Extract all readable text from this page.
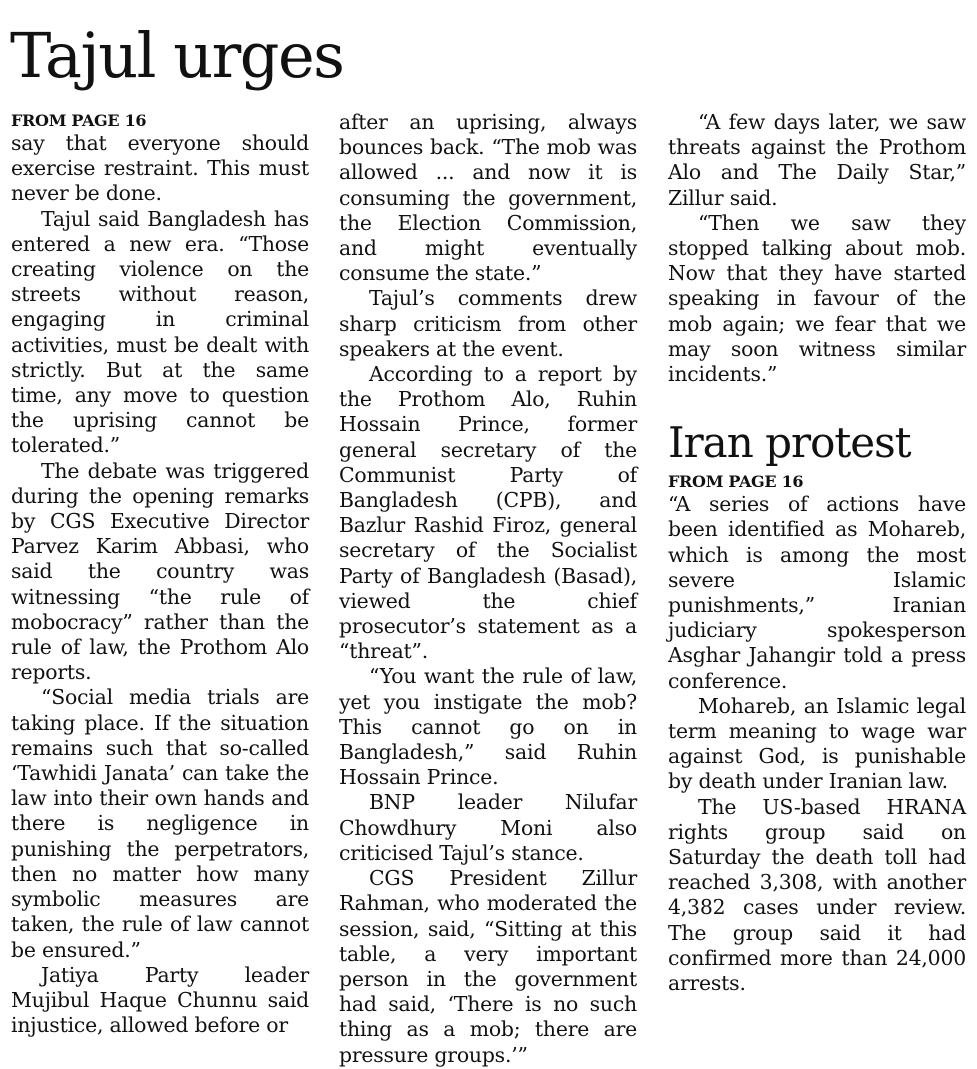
Tajul urges
FROM PAGE 16

say that everyone should exercise restraint. This must never be done.

Tajul said Bangladesh has entered a new era. “Those creating violence on the streets without reason, engaging in criminal activities, must be dealt with strictly. But at the same time, any move to question the uprising cannot be tolerated.”

The debate was triggered during the opening remarks by CGS Executive Director Parvez Karim Abbasi, who said the country was witnessing “the rule of mobocracy” rather than the rule of law, the Prothom Alo reports.

“Social media trials are taking place. If the situation remains such that so-called ‘Tawhidi Janata’ can take the law into their own hands and there is negligence in punishing the perpetrators, then no matter how many symbolic measures are taken, the rule of law cannot be ensured.”

Jatiya Party leader Mujibul Haque Chunnu said injustice, allowed before or

after an uprising, always bounces back. “The mob was allowed ... and now it is consuming the government, the Election Commission, and might eventually consume the state.”

Tajul’s comments drew sharp criticism from other speakers at the event.

According to a report by the Prothom Alo, Ruhin Hossain Prince, former general secretary of the Communist Party of Bangladesh (CPB), and Bazlur Rashid Firoz, general secretary of the Socialist Party of Bangladesh (Basad), viewed the chief prosecutor’s statement as a “threat”.

“You want the rule of law, yet you instigate the mob? This cannot go on in Bangladesh,” said Ruhin Hossain Prince.

BNP leader Nilufar Chowdhury Moni also criticised Tajul’s stance.

CGS President Zillur Rahman, who moderated the session, said, “Sitting at this table, a very important person in the government had said, ‘There is no such thing as a mob; there are pressure groups.’”

“A few days later, we saw threats against the Prothom Alo and The Daily Star,” Zillur said.

“Then we saw they stopped talking about mob. Now that they have started speaking in favour of the mob again; we fear that we may soon witness similar incidents.”

Iran protest
FROM PAGE 16

“A series of actions have been identified as Mohareb, which is among the most severe Islamic punishments,” Iranian judiciary spokesperson Asghar Jahangir told a press conference.

Mohareb, an Islamic legal term meaning to wage war against God, is punishable by death under Iranian law.

The US-based HRANA rights group said on Saturday the death toll had reached 3,308, with another 4,382 cases under review. The group said it had confirmed more than 24,000 arrests.
